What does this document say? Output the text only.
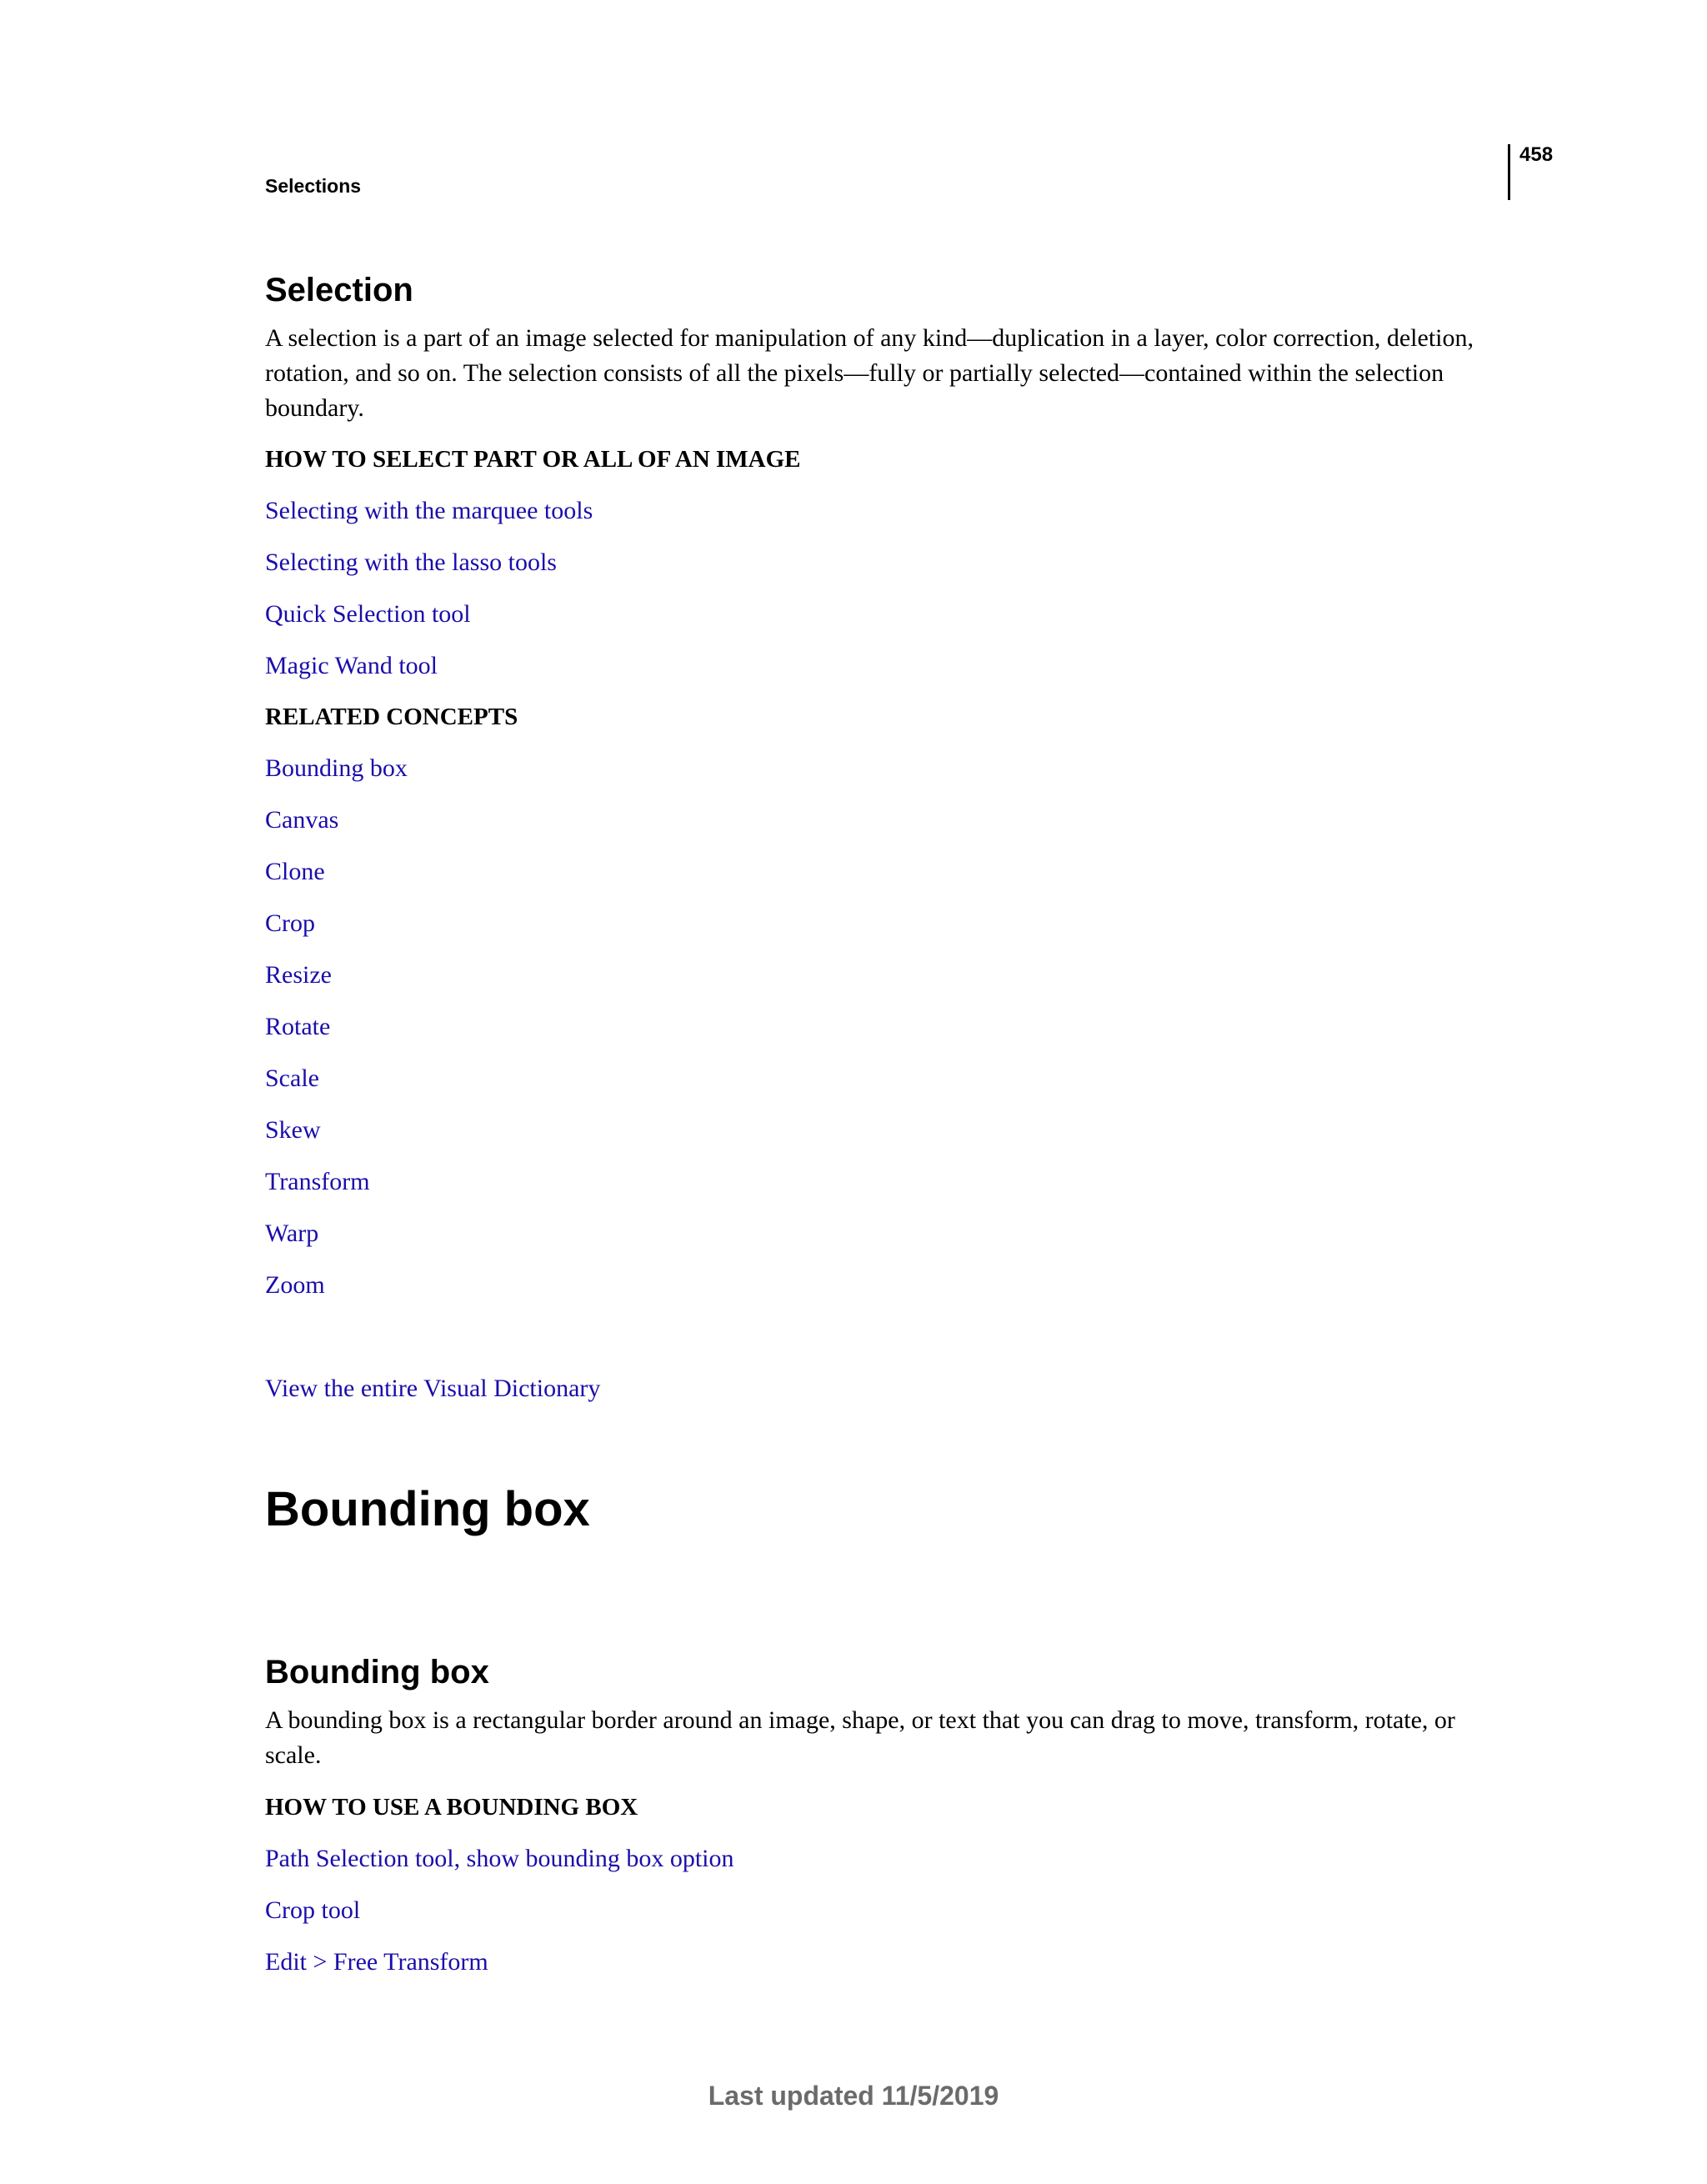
458
Selections
Selection

A selection is a part of an image selected for manipulation of any kind—duplication in a layer, color correction, deletion, rotation, and so on. The selection consists of all the pixels—fully or partially selected—contained within the selection boundary.

HOW TO SELECT PART OR ALL OF AN IMAGE
Selecting with the marquee tools
Selecting with the lasso tools
Quick Selection tool
Magic Wand tool
RELATED CONCEPTS
Bounding box
Canvas
Clone
Crop
Resize
Rotate
Scale
Skew
Transform
Warp
Zoom
View the entire Visual Dictionary
Bounding box
Bounding box

A bounding box is a rectangular border around an image, shape, or text that you can drag to move, transform, rotate, or scale.

HOW TO USE A BOUNDING BOX
Path Selection tool, show bounding box option
Crop tool
Edit > Free Transform
Last updated 11/5/2019
